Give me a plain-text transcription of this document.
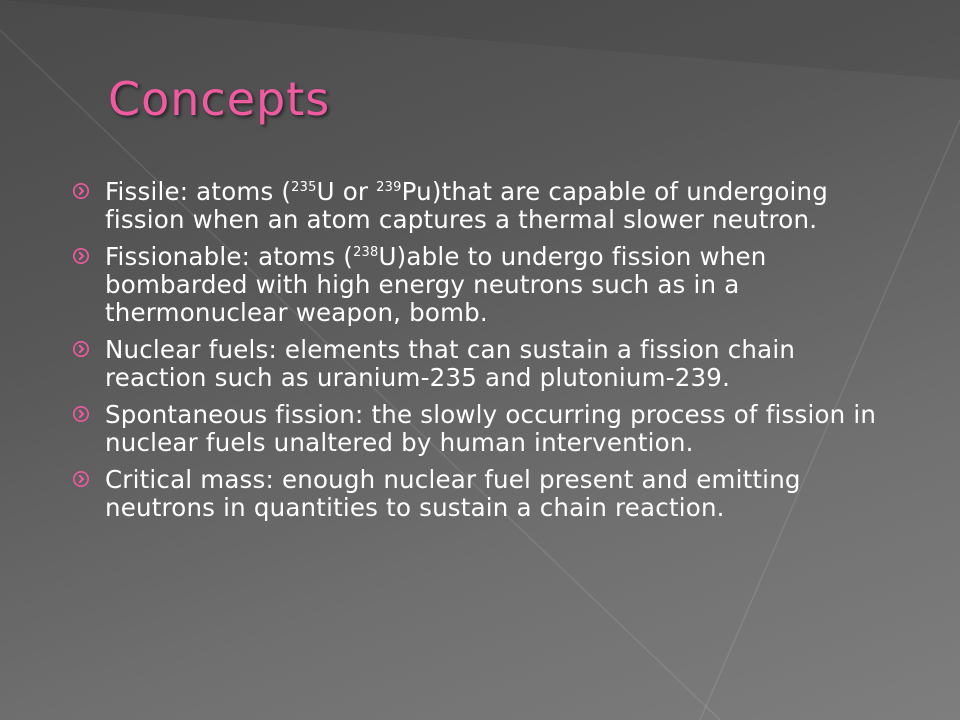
Concepts
Fissile: atoms ($^{235}$U or $^{239}$Pu)that are capable of undergoing fission when an atom captures a thermal slower neutron.
Fissionable: atoms ($^{238}$U)able to undergo fission when bombarded with high energy neutrons such as in a thermonuclear weapon, bomb.
Nuclear fuels: elements that can sustain a fission chain reaction such as uranium-235 and plutonium-239.
Spontaneous fission: the slowly occurring process of fission in nuclear fuels unaltered by human intervention.
Critical mass: enough nuclear fuel present and emitting neutrons in quantities to sustain a chain reaction.
